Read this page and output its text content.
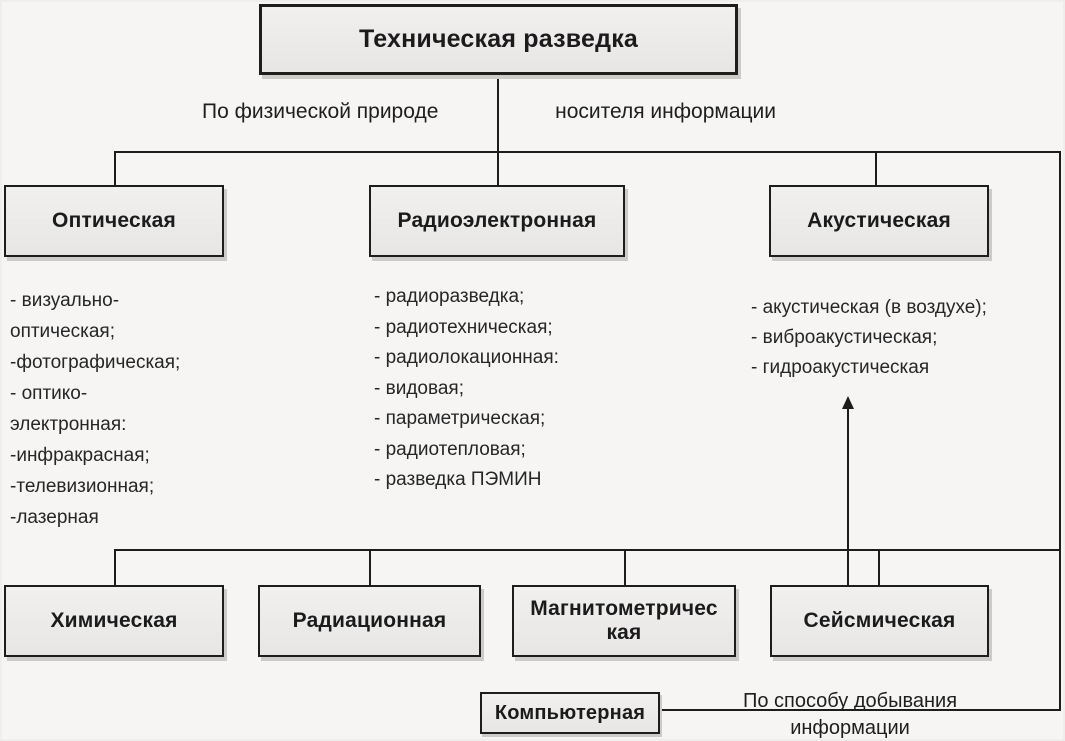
Техническая разведка
Оптическая	Радиоэлектронная	Акустическая
Химическая	Радиационная
Магнитометричес
кая
Сейсмическая
Компьютерная
По физической природе	носителя информации
По способу добывания
информации
- визуально-
оптическая;
-фотографическая;
- оптико-
электронная:
-инфракрасная;
-телевизионная;
-лазерная
- радиоразведка;
- радиотехническая;
- радиолокационная:
- видовая;
- параметрическая;
- радиотепловая;
- разведка ПЭМИН
- акустическая (в воздухе);
- виброакустическая;
- гидроакустическая
